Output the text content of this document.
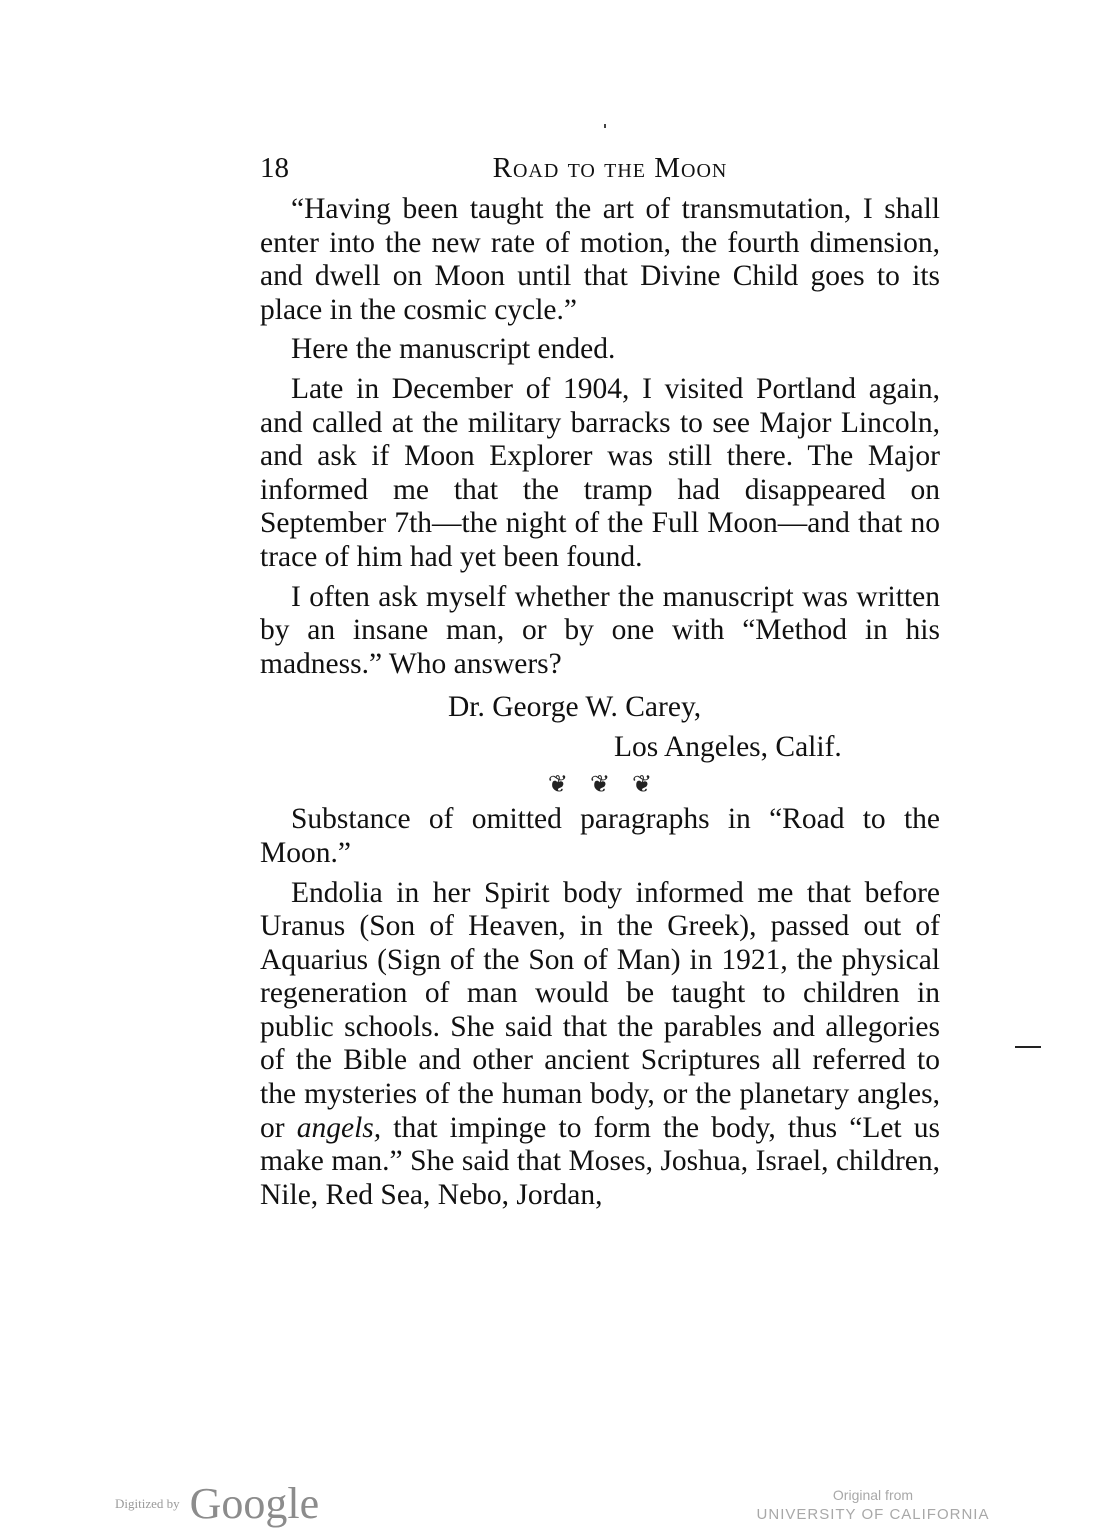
18	Road to the Moon

“Having been taught the art of transmutation, I shall enter into the new rate of motion, the fourth dimension, and dwell on Moon until that Divine Child goes to its place in the cosmic cycle.”

Here the manuscript ended.

Late in December of 1904, I visited Portland again, and called at the military barracks to see Major Lincoln, and ask if Moon Explorer was still there. The Major informed me that the tramp had disappeared on September 7th—the night of the Full Moon—and that no trace of him had yet been found.

I often ask myself whether the manuscript was written by an insane man, or by one with “Method in his madness.” Who answers?

Dr. George W. Carey,
Los Angeles, Calif.
❦❦❦

Substance of omitted paragraphs in “Road to the Moon.”

Endolia in her Spirit body informed me that before Uranus (Son of Heaven, in the Greek), passed out of Aquarius (Sign of the Son of Man) in 1921, the physical regeneration of man would be taught to children in public schools. She said that the parables and allegories of the Bible and other ancient Scriptures all referred to the mysteries of the human body, or the planetary angles, or angels, that impinge to form the body, thus “Let us make man.” She said that Moses, Joshua, Israel, children, Nile, Red Sea, Nebo, Jordan,

Digitized by Google	Original from
UNIVERSITY OF CALIFORNIA
